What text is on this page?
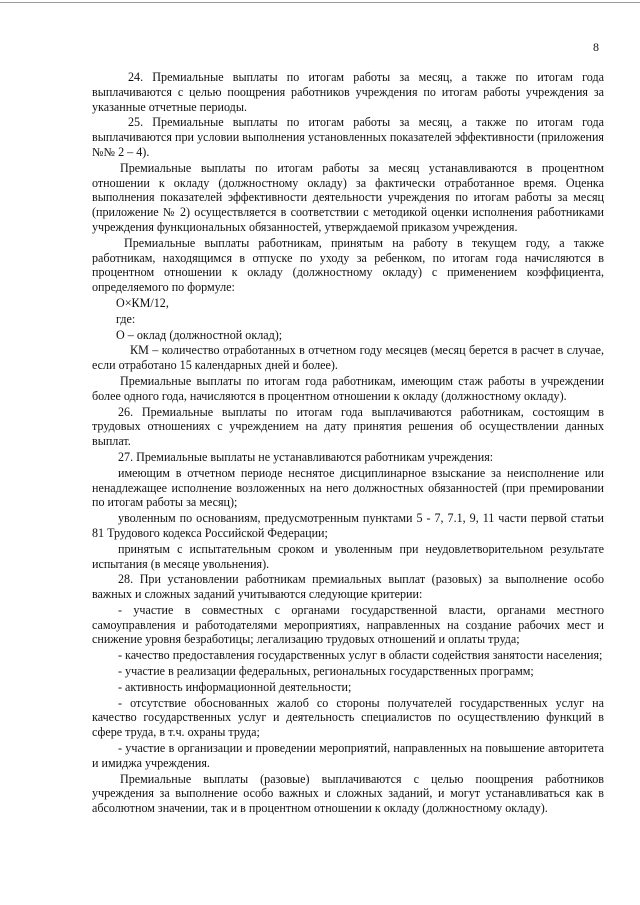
8

24. Премиальные выплаты по итогам работы за месяц, а также по итогам года выплачиваются с целью поощрения работников учреждения по итогам работы учреждения за указанные отчетные периоды.

25. Премиальные выплаты по итогам работы за месяц, а также по итогам года выплачиваются при условии выполнения установленных показателей эффективности (приложения №№ 2 – 4).

Премиальные выплаты по итогам работы за месяц устанавливаются в процентном отношении к окладу (должностному окладу) за фактически отработанное время. Оценка выполнения показателей эффективности деятельности учреждения по итогам работы за месяц (приложение № 2) осуществляется в соответствии с методикой оценки исполнения работниками учреждения функциональных обязанностей, утверждаемой приказом учреждения.

Премиальные выплаты работникам, принятым на работу в текущем году, а также работникам, находящимся в отпуске по уходу за ребенком, по итогам года начисляются в процентном отношении к окладу (должностному окладу) с применением коэффициента, определяемого по формуле:

О×КМ/12,

где:

О – оклад (должностной оклад);

КМ – количество отработанных в отчетном году месяцев (месяц берется в расчет в случае, если отработано 15 календарных дней и более).

Премиальные выплаты по итогам года работникам, имеющим стаж работы в учреждении более одного года, начисляются в процентном отношении к окладу (должностному окладу).

26. Премиальные выплаты по итогам года выплачиваются работникам, состоящим в трудовых отношениях с учреждением на дату принятия решения об осуществлении данных выплат.

27. Премиальные выплаты не устанавливаются работникам учреждения:

имеющим в отчетном периоде неснятое дисциплинарное взыскание за неисполнение или ненадлежащее исполнение возложенных на него должностных обязанностей (при премировании по итогам работы за месяц);

уволенным по основаниям, предусмотренным пунктами 5 - 7, 7.1, 9, 11 части первой статьи 81 Трудового кодекса Российской Федерации;

принятым с испытательным сроком и уволенным при неудовлетворительном результате испытания (в месяце увольнения).

28. При установлении работникам премиальных выплат (разовых) за выполнение особо важных и сложных заданий учитываются следующие критерии:

- участие в совместных с органами государственной власти, органами местного самоуправления и работодателями мероприятиях, направленных на создание рабочих мест и снижение уровня безработицы; легализацию трудовых отношений и оплаты труда;

- качество предоставления государственных услуг в области содействия занятости населения;

- участие в реализации федеральных, региональных государственных программ;

- активность информационной деятельности;

- отсутствие обоснованных жалоб со стороны получателей государственных услуг на качество государственных услуг и деятельность специалистов по осуществлению функций в сфере труда, в т.ч. охраны труда;

- участие в организации и проведении мероприятий, направленных на повышение авторитета и имиджа учреждения.

Премиальные выплаты (разовые) выплачиваются с целью поощрения работников учреждения за выполнение особо важных и сложных заданий, и могут устанавливаться как в абсолютном значении, так и в процентном отношении к окладу (должностному окладу).
